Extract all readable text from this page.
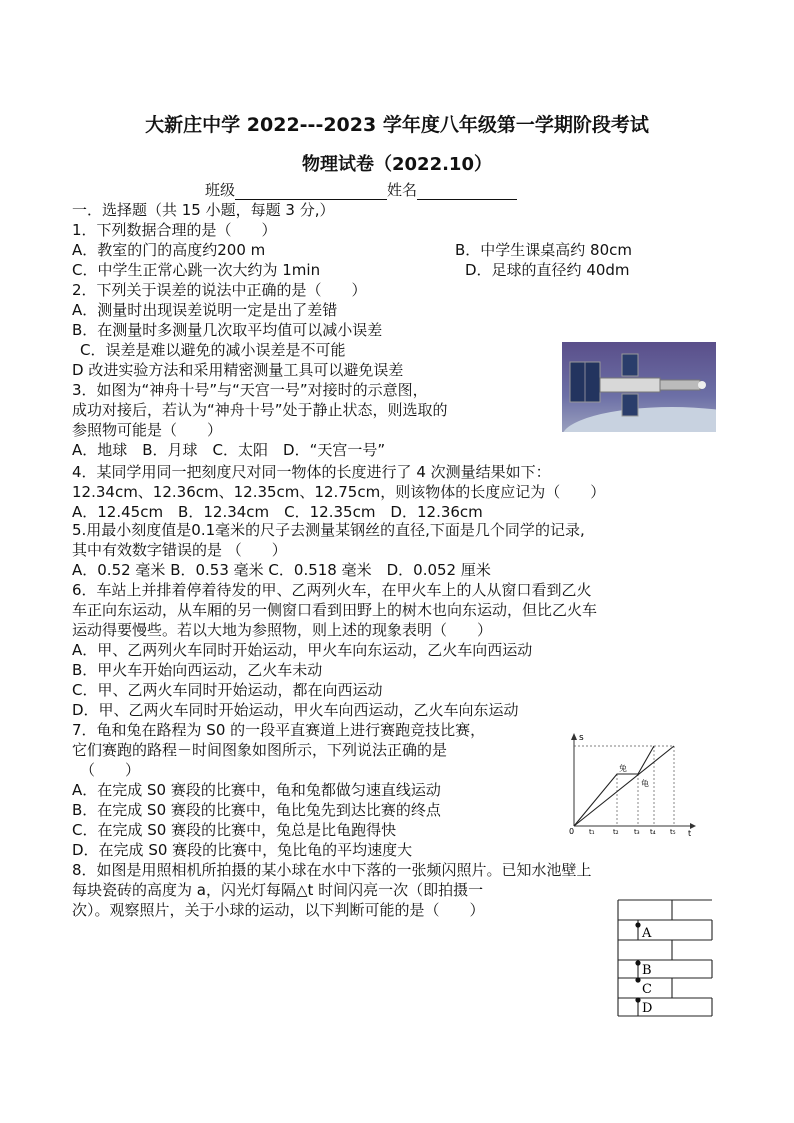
大新庄中学 2022---2023 学年度八年级第一学期阶段考试
物理试卷（2022.10）
班级	姓名
一．选择题（共 15 小题，每题 3 分,）
1．下列数据合理的是（　　）
A．教室的门的高度约200 m	B．中学生课桌高约 80cm
C．中学生正常心跳一次大约为 1min	D．足球的直径约 40dm
2．下列关于误差的说法中正确的是（　　）
A．测量时出现误差说明一定是出了差错
B．在测量时多测量几次取平均值可以减小误差
C．误差是难以避免的减小误差是不可能
D 改进实验方法和采用精密测量工具可以避免误差
3．如图为“神舟十号”与“天宫一号”对接时的示意图，
成功对接后，若认为“神舟十号”处于静止状态，则选取的
参照物可能是（　　）
A．地球　B．月球　C．太阳　D．“天宫一号”
4．某同学用同一把刻度尺对同一物体的长度进行了 4 次测量结果如下：
12.34cm、12.36cm、12.35cm、12.75cm，则该物体的长度应记为（　　）
A．12.45cm　B．12.34cm　C．12.35cm　D．12.36cm
5.用最小刻度值是0.1毫米的尺子去测量某钢丝的直径,下面是几个同学的记录,
其中有效数字错误的是 （　　）
A．0.52 毫米 B．0.53 毫米 C．0.518 毫米　D．0.052 厘米
6．车站上并排着停着待发的甲、乙两列火车，在甲火车上的人从窗口看到乙火
车正向东运动，从车厢的另一侧窗口看到田野上的树木也向东运动，但比乙火车
运动得要慢些。若以大地为参照物，则上述的现象表明（　　）
A．甲、乙两列火车同时开始运动，甲火车向东运动，乙火车向西运动
B．甲火车开始向西运动，乙火车未动
C．甲、乙两火车同时开始运动，都在向西运动
D．甲、乙两火车同时开始运动，甲火车向西运动，乙火车向东运动
7．龟和兔在路程为 S0 的一段平直赛道上进行赛跑竞技比赛，
它们赛跑的路程－时间图象如图所示，下列说法正确的是
（　　）
A．在完成 S0 赛段的比赛中，龟和兔都做匀速直线运动
B．在完成 S0 赛段的比赛中，龟比兔先到达比赛的终点
C．在完成 S0 赛段的比赛中，兔总是比龟跑得快
D．在完成 S0 赛段的比赛中，兔比龟的平均速度大
s
0	t
兔
龟
t₁	t₂ t₃ t₄ t₅
8．如图是用照相机所拍摄的某小球在水中下落的一张频闪照片。已知水池壁上
每块瓷砖的高度为 a，闪光灯每隔△t 时间闪亮一次（即拍摄一
次）。观察照片，关于小球的运动，以下判断可能的是（　　）
A
B
C
D
